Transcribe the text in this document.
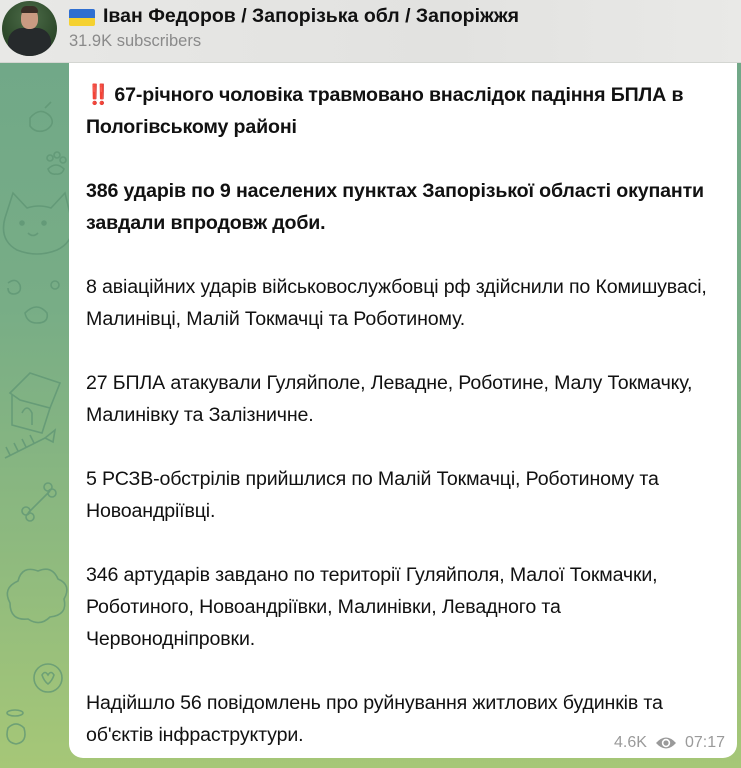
Іван Федоров / Запорізька обл / Запоріжжя
31.9K subscribers

‼️ 67-річного чоловіка травмовано внаслідок падіння БПЛА в Пологівському районі

386 ударів по 9 населених пунктах Запорізької області окупанти завдали впродовж доби.

8 авіаційних ударів військовослужбовці рф здійснили по Комишувасі, Малинівці, Малій Токмачці та Роботиному.

27 БПЛА атакували Гуляйполе, Левадне, Роботине, Малу Токмачку, Малинівку та Залізничне.

5 РСЗВ-обстрілів прийшлися по Малій Токмачці, Роботиному та Новоандріївці.

346 артударів завдано по території Гуляйполя, Малої Токмачки, Роботиного, Новоандріївки, Малинівки, Левадного та Червонодніпровки.

Надійшло 56 повідомлень про руйнування житлових будинків та об'єктів інфраструктури.	4.6K 07:17
